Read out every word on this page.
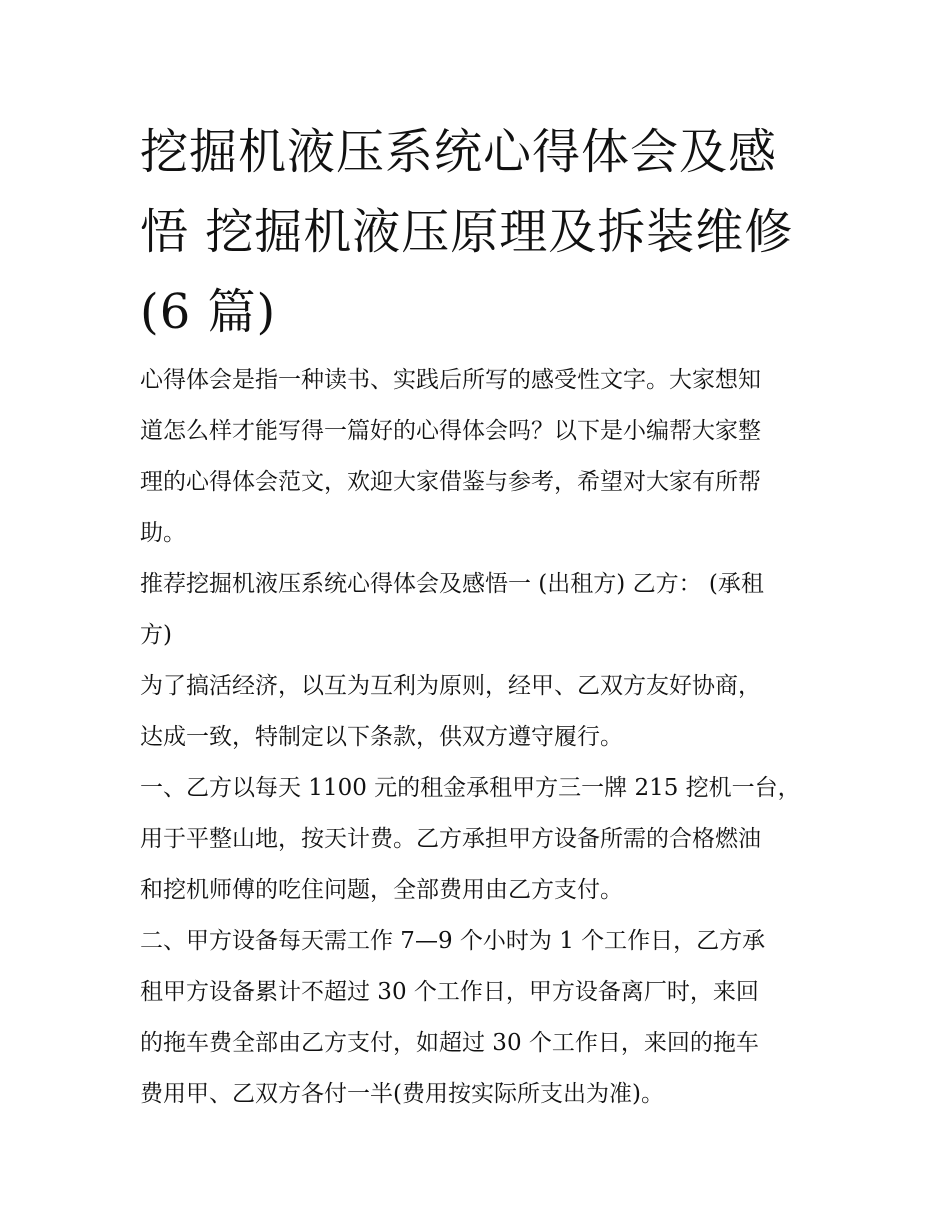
挖掘机液压系统心得体会及感
悟 挖掘机液压原理及拆装维修
(6 篇)

心得体会是指一种读书、实践后所写的感受性文字。大家想知
道怎么样才能写得一篇好的心得体会吗？以下是小编帮大家整
理的心得体会范文，欢迎大家借鉴与参考，希望对大家有所帮
助。

推荐挖掘机液压系统心得体会及感悟一 (出租方) 乙方： (承租
方)

为了搞活经济，以互为互利为原则，经甲、乙双方友好协商，
达成一致，特制定以下条款，供双方遵守履行。

一、乙方以每天 1100 元的租金承租甲方三一牌 215 挖机一台，
用于平整山地，按天计费。乙方承担甲方设备所需的合格燃油
和挖机师傅的吃住问题，全部费用由乙方支付。

二、甲方设备每天需工作 7—9 个小时为 1 个工作日，乙方承
租甲方设备累计不超过 30 个工作日，甲方设备离厂时，来回
的拖车费全部由乙方支付，如超过 30 个工作日，来回的拖车
费用甲、乙双方各付一半(费用按实际所支出为准)。
